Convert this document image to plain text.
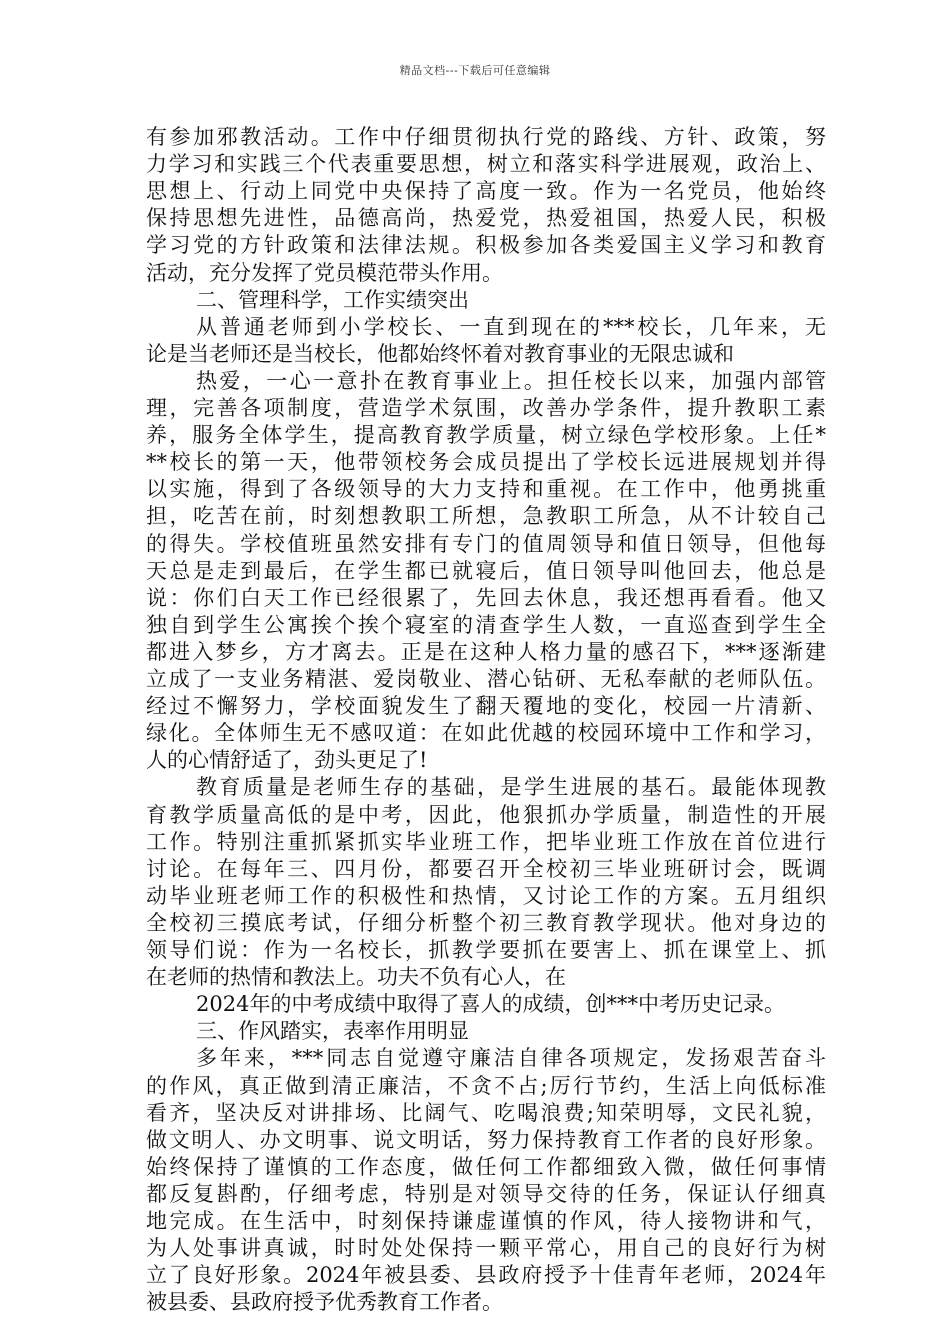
精品文档---下载后可任意编辑
有参加邪教活动。工作中仔细贯彻执行党的路线、方针、政策，努
力学习和实践三个代表重要思想，树立和落实科学进展观，政治上、
思想上、行动上同党中央保持了高度一致。作为一名党员，他始终
保持思想先进性，品德高尚，热爱党，热爱祖国，热爱人民，积极
学习党的方针政策和法律法规。积极参加各类爱国主义学习和教育
活动，充分发挥了党员模范带头作用。
二、管理科学，工作实绩突出
从普通老师到小学校长、一直到现在的***校长，几年来，无
论是当老师还是当校长，他都始终怀着对教育事业的无限忠诚和
热爱，一心一意扑在教育事业上。担任校长以来，加强内部管
理，完善各项制度，营造学术氛围，改善办学条件，提升教职工素
养，服务全体学生，提高教育教学质量，树立绿色学校形象。上任*
**校长的第一天，他带领校务会成员提出了学校长远进展规划并得
以实施，得到了各级领导的大力支持和重视。在工作中，他勇挑重
担，吃苦在前，时刻想教职工所想，急教职工所急，从不计较自己
的得失。学校值班虽然安排有专门的值周领导和值日领导，但他每
天总是走到最后，在学生都已就寝后，值日领导叫他回去，他总是
说：你们白天工作已经很累了，先回去休息，我还想再看看。他又
独自到学生公寓挨个挨个寝室的清查学生人数，一直巡查到学生全
都进入梦乡，方才离去。正是在这种人格力量的感召下，***逐渐建
立成了一支业务精湛、爱岗敬业、潜心钻研、无私奉献的老师队伍。
经过不懈努力，学校面貌发生了翻天覆地的变化，校园一片清新、
绿化。全体师生无不感叹道：在如此优越的校园环境中工作和学习，
人的心情舒适了，劲头更足了!
教育质量是老师生存的基础，是学生进展的基石。最能体现教
育教学质量高低的是中考，因此，他狠抓办学质量，制造性的开展
工作。特别注重抓紧抓实毕业班工作，把毕业班工作放在首位进行
讨论。在每年三、四月份，都要召开全校初三毕业班研讨会，既调
动毕业班老师工作的积极性和热情，又讨论工作的方案。五月组织
全校初三摸底考试，仔细分析整个初三教育教学现状。他对身边的
领导们说：作为一名校长，抓教学要抓在要害上、抓在课堂上、抓
在老师的热情和教法上。功夫不负有心人，在
2024年的中考成绩中取得了喜人的成绩，创***中考历史记录。
三、作风踏实，表率作用明显
多年来，***同志自觉遵守廉洁自律各项规定，发扬艰苦奋斗
的作风，真正做到清正廉洁，不贪不占;厉行节约，生活上向低标准
看齐，坚决反对讲排场、比阔气、吃喝浪费;知荣明辱，文民礼貌，
做文明人、办文明事、说文明话，努力保持教育工作者的良好形象。
始终保持了谨慎的工作态度，做任何工作都细致入微，做任何事情
都反复斟酌，仔细考虑，特别是对领导交待的任务，保证认仔细真
地完成。在生活中，时刻保持谦虚谨慎的作风，待人接物讲和气，
为人处事讲真诚，时时处处保持一颗平常心，用自己的良好行为树
立了良好形象。2024年被县委、县政府授予十佳青年老师，2024年
被县委、县政府授予优秀教育工作者。
